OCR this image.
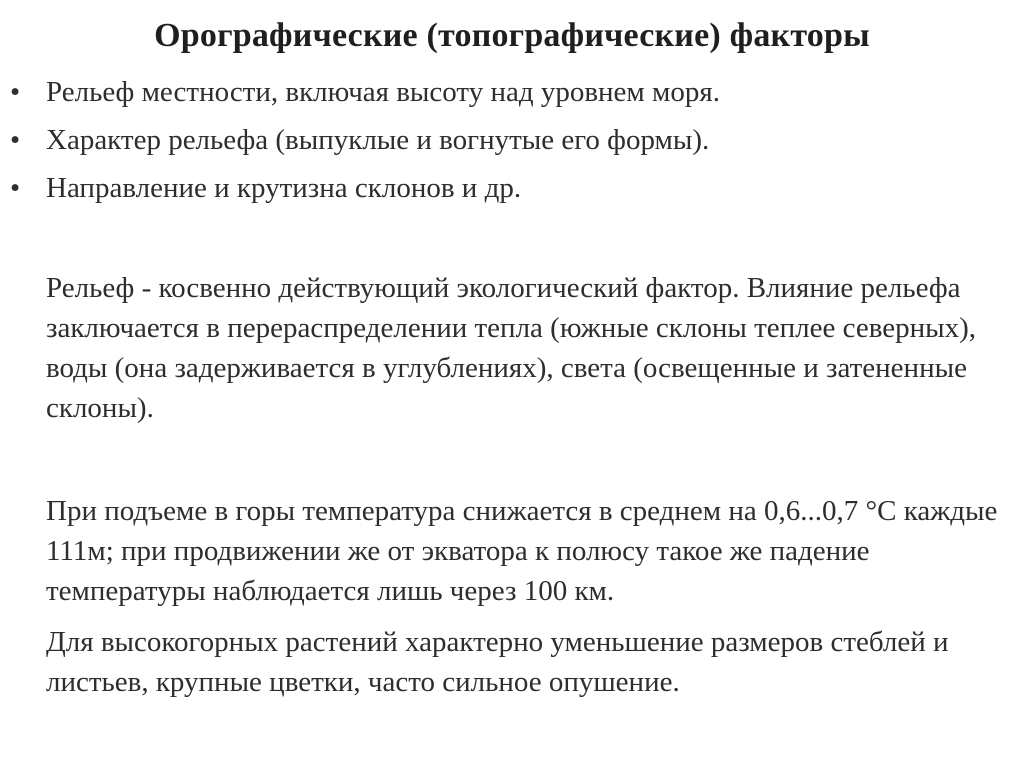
Орографические (топографические) факторы
• Рельеф местности, включая высоту над уровнем моря.
• Характер рельефа (выпуклые и вогнутые его формы).
• Направление и крутизна склонов и др.

Рельеф - косвенно действующий экологический фактор. Влияние рельефа заключается в перераспределении тепла (южные склоны теплее северных), воды (она задерживается в углублениях), света (освещенные и затененные склоны).

При подъеме в горы температура снижается в среднем на 0,6...0,7 °С каждые 111м; при продвижении же от экватора к полюсу такое же падение температуры наблюдается лишь через 100 км.

Для высокогорных растений характерно уменьшение размеров стеблей и листьев, крупные цветки, часто сильное опушение.
